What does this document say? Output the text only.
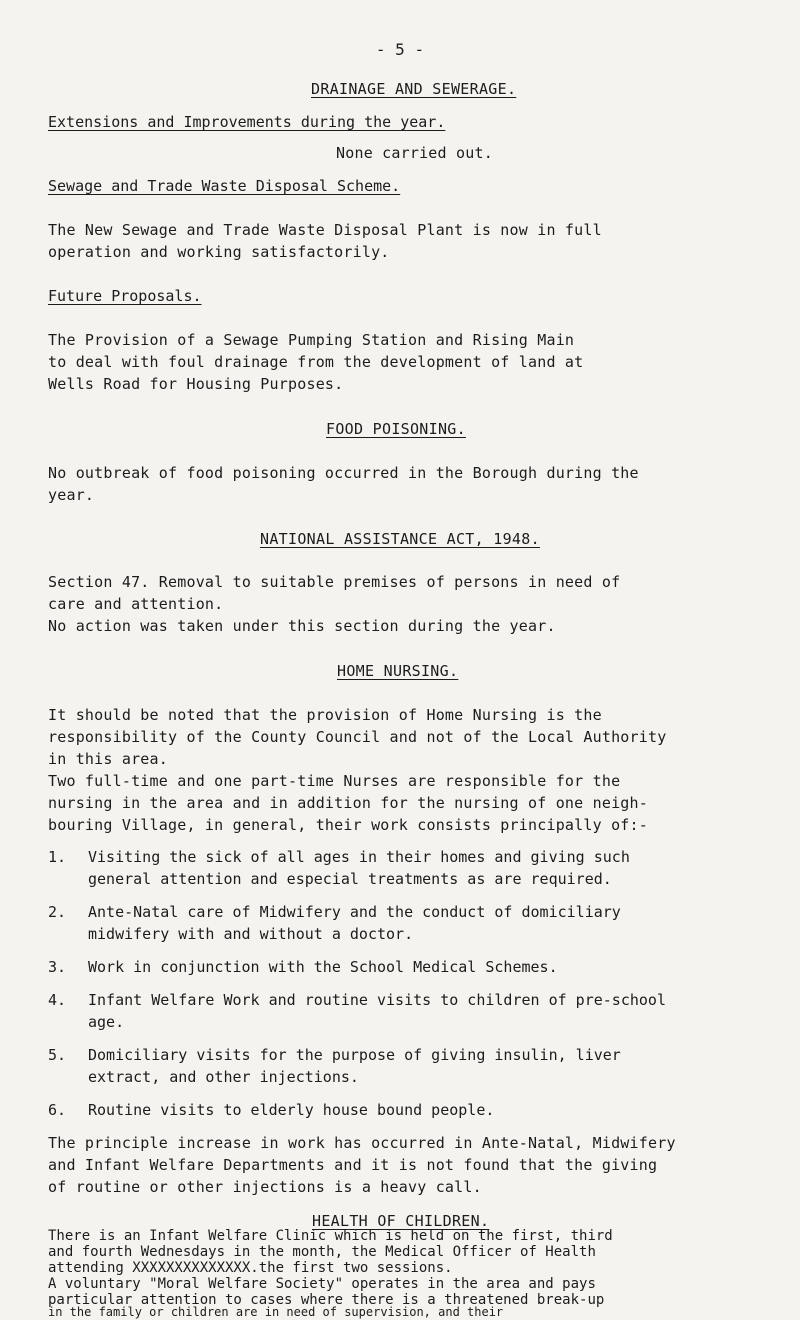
- 5 -
DRAINAGE AND SEWERAGE.
Extensions and Improvements during the year.
None carried out.
Sewage and Trade Waste Disposal Scheme.
The New Sewage and Trade Waste Disposal Plant is now in full
operation and working satisfactorily.
Future Proposals.
The Provision of a Sewage Pumping Station and Rising Main
to deal with foul drainage from the development of land at
Wells Road for Housing Purposes.
FOOD POISONING.
No outbreak of food poisoning occurred in the Borough during the
year.
NATIONAL ASSISTANCE ACT, 1948.
Section 47. Removal to suitable premises of persons in need of
care and attention.
No action was taken under this section during the year.
HOME NURSING.
It should be noted that the provision of Home Nursing is the
responsibility of the County Council and not of the Local Authority
in this area.
Two full-time and one part-time Nurses are responsible for the
nursing in the area and in addition for the nursing of one neigh-
bouring Village, in general, their work consists principally of:-
1. Visiting the sick of all ages in their homes and giving such
general attention and especial treatments as are required.
2. Ante-Natal care of Midwifery and the conduct of domiciliary
midwifery with and without a doctor.
3. Work in conjunction with the School Medical Schemes.
4. Infant Welfare Work and routine visits to children of pre-school
age.
5. Domiciliary visits for the purpose of giving insulin, liver
extract, and other injections.
6. Routine visits to elderly house bound people.
The principle increase in work has occurred in Ante-Natal, Midwifery
and Infant Welfare Departments and it is not found that the giving
of routine or other injections is a heavy call.
HEALTH OF CHILDREN.
There is an Infant Welfare Clinic which is held on the first, third
and fourth Wednesdays in the month, the Medical Officer of Health
attending XXXXXXXXXXXXXX.the first two sessions.
A voluntary "Moral Welfare Society" operates in the area and pays
particular attention to cases where there is a threatened break-up
in the family or children are in need of supervision, and their
